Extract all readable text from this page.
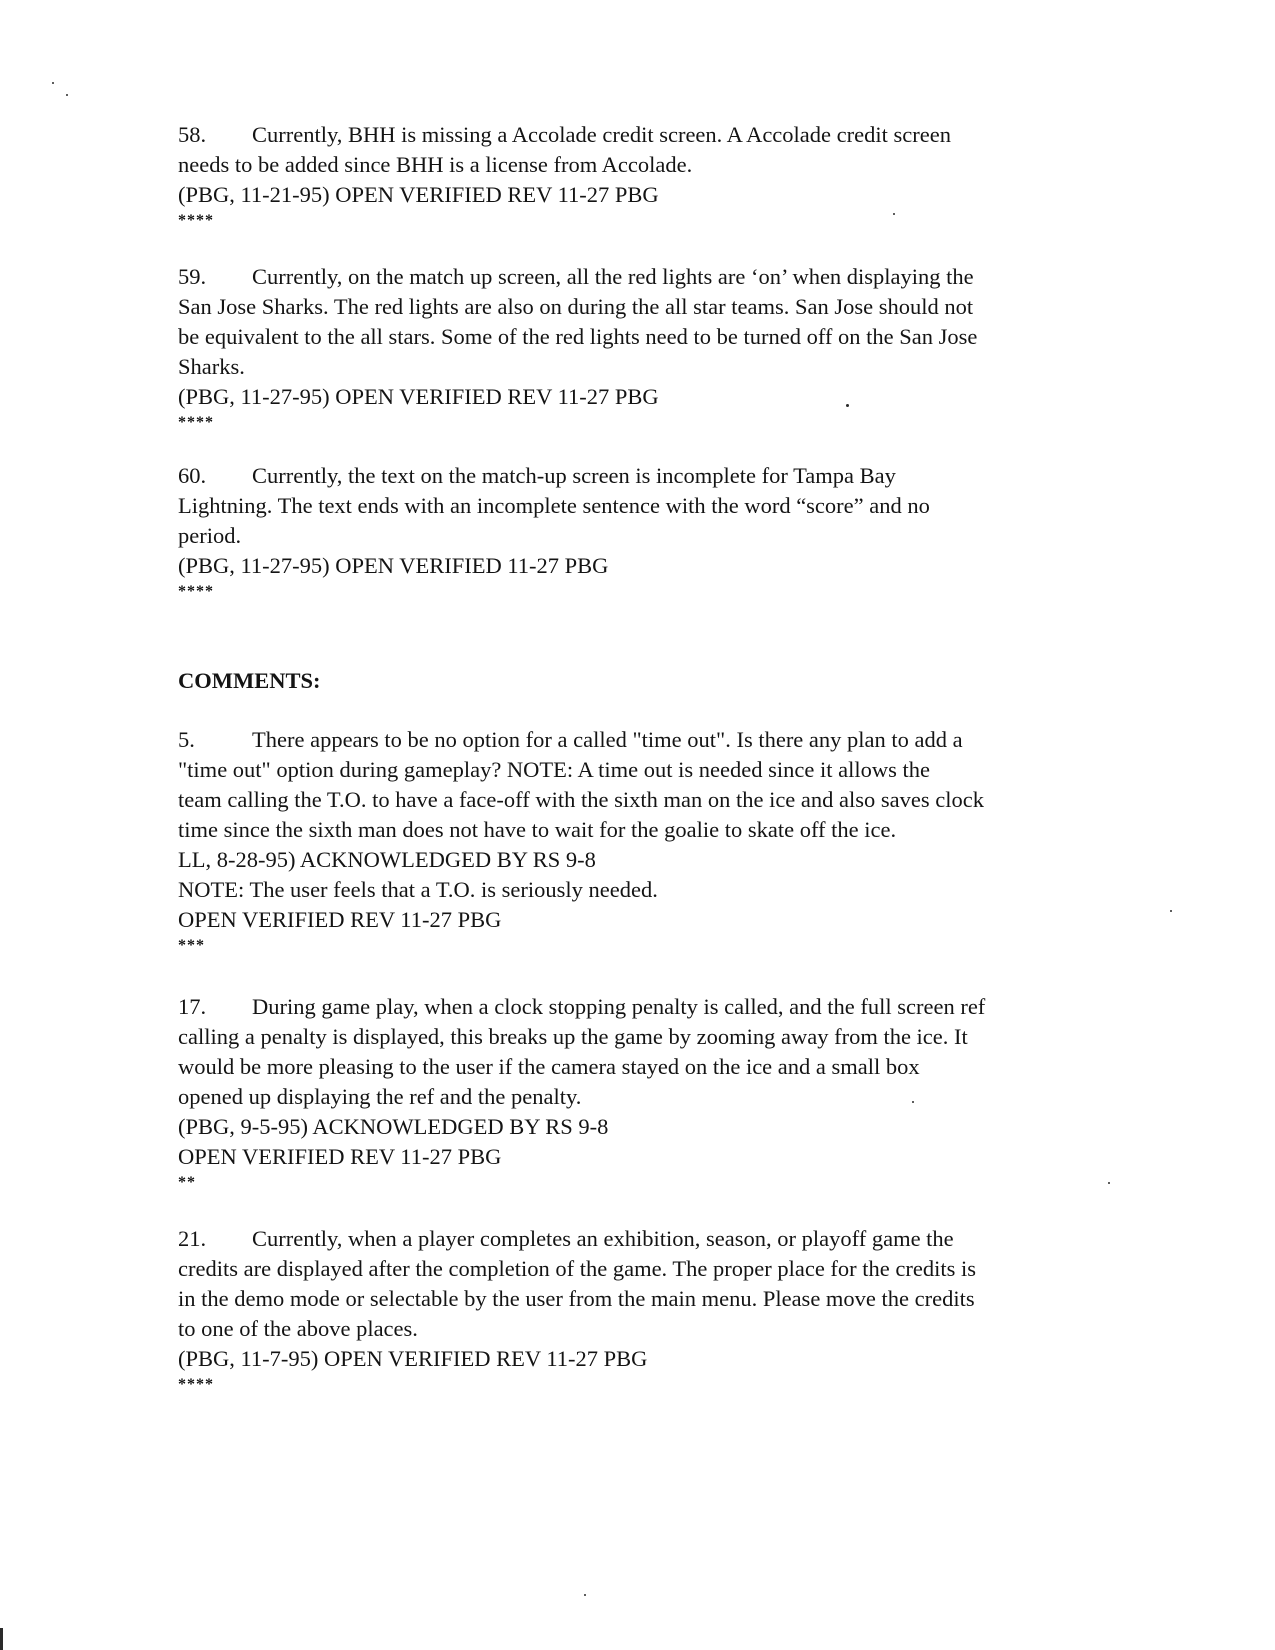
58. Currently, BHH is missing a Accolade credit screen. A Accolade credit screen
needs to be added since BHH is a license from Accolade.
(PBG, 11-21-95) OPEN VERIFIED REV 11-27 PBG
****
59. Currently, on the match up screen, all the red lights are ‘on’ when displaying the
San Jose Sharks. The red lights are also on during the all star teams. San Jose should not
be equivalent to the all stars. Some of the red lights need to be turned off on the San Jose
Sharks.
(PBG, 11-27-95) OPEN VERIFIED REV 11-27 PBG
****
60. Currently, the text on the match-up screen is incomplete for Tampa Bay
Lightning. The text ends with an incomplete sentence with the word “score” and no
period.
(PBG, 11-27-95) OPEN VERIFIED 11-27 PBG
****
COMMENTS:
5.	There appears to be no option for a called "time out". Is there any plan to add a
"time out" option during gameplay? NOTE: A time out is needed since it allows the
team calling the T.O. to have a face-off with the sixth man on the ice and also saves clock
time since the sixth man does not have to wait for the goalie to skate off the ice.
LL, 8-28-95) ACKNOWLEDGED BY RS 9-8
NOTE: The user feels that a T.O. is seriously needed.
OPEN VERIFIED REV 11-27 PBG
***
17. During game play, when a clock stopping penalty is called, and the full screen ref
calling a penalty is displayed, this breaks up the game by zooming away from the ice. It
would be more pleasing to the user if the camera stayed on the ice and a small box
opened up displaying the ref and the penalty.
(PBG, 9-5-95) ACKNOWLEDGED BY RS 9-8
OPEN VERIFIED REV 11-27 PBG
**
21. Currently, when a player completes an exhibition, season, or playoff game the
credits are displayed after the completion of the game. The proper place for the credits is
in the demo mode or selectable by the user from the main menu. Please move the credits
to one of the above places.
(PBG, 11-7-95) OPEN VERIFIED REV 11-27 PBG
****
